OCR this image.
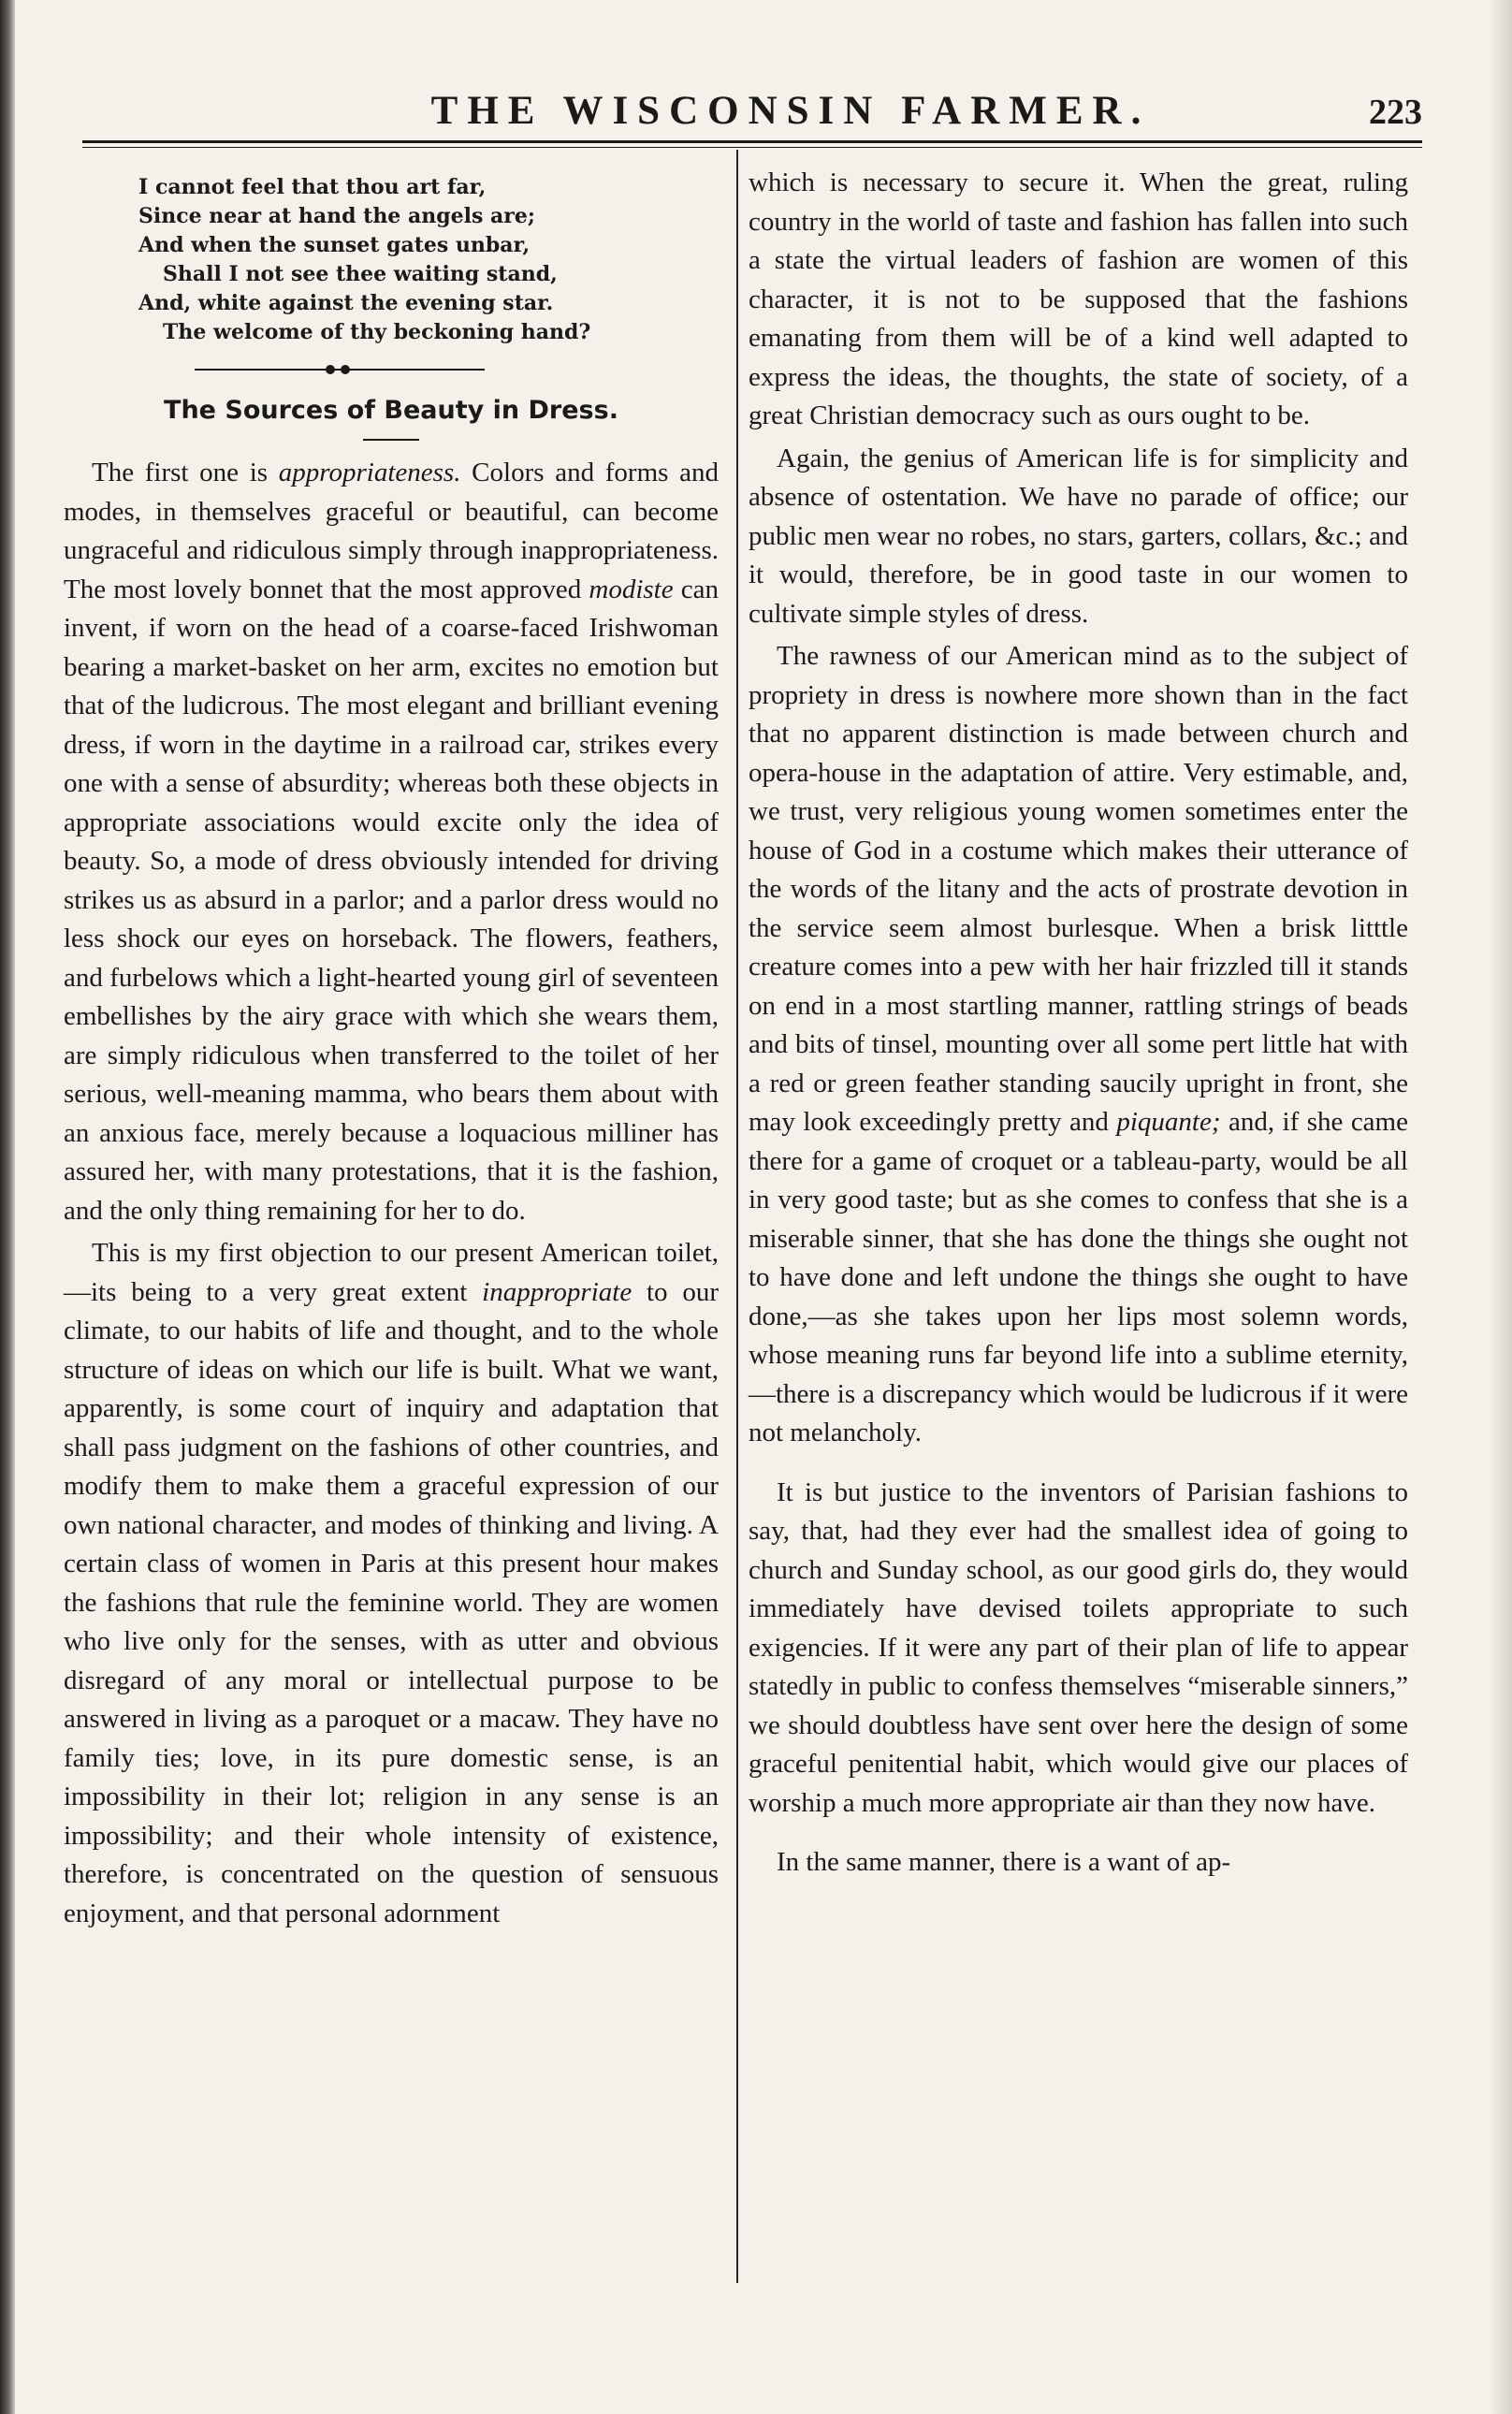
THE WISCONSIN FARMER.	223
I cannot feel that thou art far,
Since near at hand the angels are;
And when the sunset gates unbar,
Shall I not see thee waiting stand,
And, white against the evening star.
The welcome of thy beckoning hand?
The Sources of Beauty in Dress.

The first one is appropriateness. Colors and forms and modes, in themselves graceful or beautiful, can become ungraceful and ridiculous simply through inappropriateness. The most lovely bonnet that the most approved modiste can invent, if worn on the head of a coarse-faced Irishwoman bearing a market-basket on her arm, excites no emotion but that of the ludicrous. The most elegant and brilliant evening dress, if worn in the daytime in a railroad car, strikes every one with a sense of absurdity; whereas both these objects in appropriate associations would excite only the idea of beauty. So, a mode of dress obviously intended for driving strikes us as absurd in a parlor; and a parlor dress would no less shock our eyes on horseback. The flowers, feathers, and furbelows which a light-hearted young girl of seventeen embellishes by the airy grace with which she wears them, are simply ridiculous when transferred to the toilet of her serious, well-meaning mamma, who bears them about with an anxious face, merely because a loquacious milliner has assured her, with many protestations, that it is the fashion, and the only thing remaining for her to do.

This is my first objection to our present American toilet,—its being to a very great extent inappropriate to our climate, to our habits of life and thought, and to the whole structure of ideas on which our life is built. What we want, apparently, is some court of inquiry and adaptation that shall pass judgment on the fashions of other countries, and modify them to make them a graceful expression of our own national character, and modes of thinking and living. A certain class of women in Paris at this present hour makes the fashions that rule the feminine world. They are women who live only for the senses, with as utter and obvious disregard of any moral or intellectual purpose to be answered in living as a paroquet or a macaw. They have no family ties; love, in its pure domestic sense, is an impossibility in their lot; religion in any sense is an impossibility; and their whole intensity of existence, therefore, is concentrated on the question of sensuous enjoyment, and that personal adornment

which is necessary to secure it. When the great, ruling country in the world of taste and fashion has fallen into such a state the virtual leaders of fashion are women of this character, it is not to be supposed that the fashions emanating from them will be of a kind well adapted to express the ideas, the thoughts, the state of society, of a great Christian democracy such as ours ought to be.

Again, the genius of American life is for simplicity and absence of ostentation. We have no parade of office; our public men wear no robes, no stars, garters, collars, &c.; and it would, therefore, be in good taste in our women to cultivate simple styles of dress.

The rawness of our American mind as to the subject of propriety in dress is nowhere more shown than in the fact that no apparent distinction is made between church and opera-house in the adaptation of attire. Very estimable, and, we trust, very religious young women sometimes enter the house of God in a costume which makes their utterance of the words of the litany and the acts of prostrate devotion in the service seem almost burlesque. When a brisk litttle creature comes into a pew with her hair frizzled till it stands on end in a most startling manner, rattling strings of beads and bits of tinsel, mounting over all some pert little hat with a red or green feather standing saucily upright in front, she may look exceedingly pretty and piquante; and, if she came there for a game of croquet or a tableau-party, would be all in very good taste; but as she comes to confess that she is a miserable sinner, that she has done the things she ought not to have done and left undone the things she ought to have done,—as she takes upon her lips most solemn words, whose meaning runs far beyond life into a sublime eternity,—there is a discrepancy which would be ludicrous if it were not melancholy.

It is but justice to the inventors of Parisian fashions to say, that, had they ever had the smallest idea of going to church and Sunday school, as our good girls do, they would immediately have devised toilets appropriate to such exigencies. If it were any part of their plan of life to appear statedly in public to confess themselves “miserable sinners,” we should doubtless have sent over here the design of some graceful penitential habit, which would give our places of worship a much more appropriate air than they now have.

In the same manner, there is a want of ap-
